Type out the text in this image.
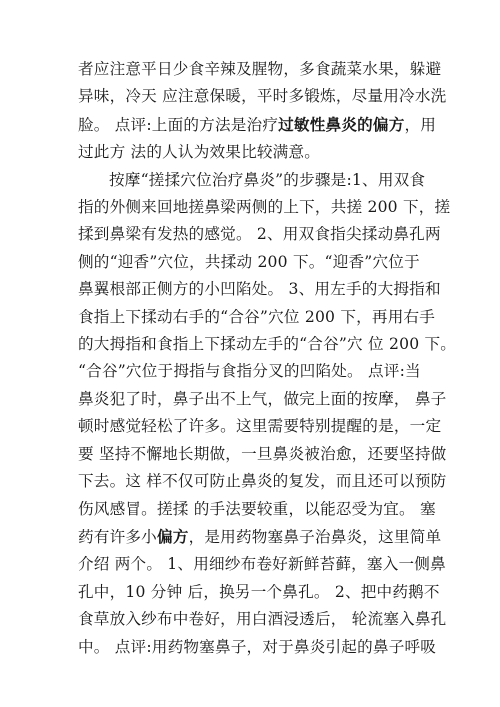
者应注意平日少食辛辣及腥物，多食蔬菜水果，躲避
异味，冷天 应注意保暖，平时多锻炼，尽量用冷水洗
脸。 点评:上面的方法是治疗过敏性鼻炎的偏方，用
过此方 法的人认为效果比较满意。
按摩“搓揉穴位治疗鼻炎”的步骤是:1、用双食
指的外侧来回地搓鼻梁两侧的上下，共搓 200 下，搓
揉到鼻梁有发热的感觉。 2、用双食指尖揉动鼻孔两
侧的“迎香”穴位，共揉动 200 下。“迎香”穴位于
鼻翼根部正侧方的小凹陷处。 3、用左手的大拇指和
食指上下揉动右手的“合谷”穴位 200 下，再用右手
的大拇指和食指上下揉动左手的“合谷”穴 位 200 下。
“合谷”穴位于拇指与食指分叉的凹陷处。 点评:当
鼻炎犯了时，鼻子出不上气，做完上面的按摩， 鼻子
顿时感觉轻松了许多。这里需要特别提醒的是，一定
要 坚持不懈地长期做，一旦鼻炎被治愈，还要坚持做
下去。这 样不仅可防止鼻炎的复发，而且还可以预防
伤风感冒。搓揉 的手法要较重，以能忍受为宜。 塞
药有许多小偏方，是用药物塞鼻子治鼻炎，这里简单
介绍 两个。 1、用细纱布卷好新鲜苔藓，塞入一侧鼻
孔中，10 分钟 后，换另一个鼻孔。 2、把中药鹅不
食草放入纱布中卷好，用白酒浸透后， 轮流塞入鼻孔
中。 点评:用药物塞鼻子，对于鼻炎引起的鼻子呼吸
